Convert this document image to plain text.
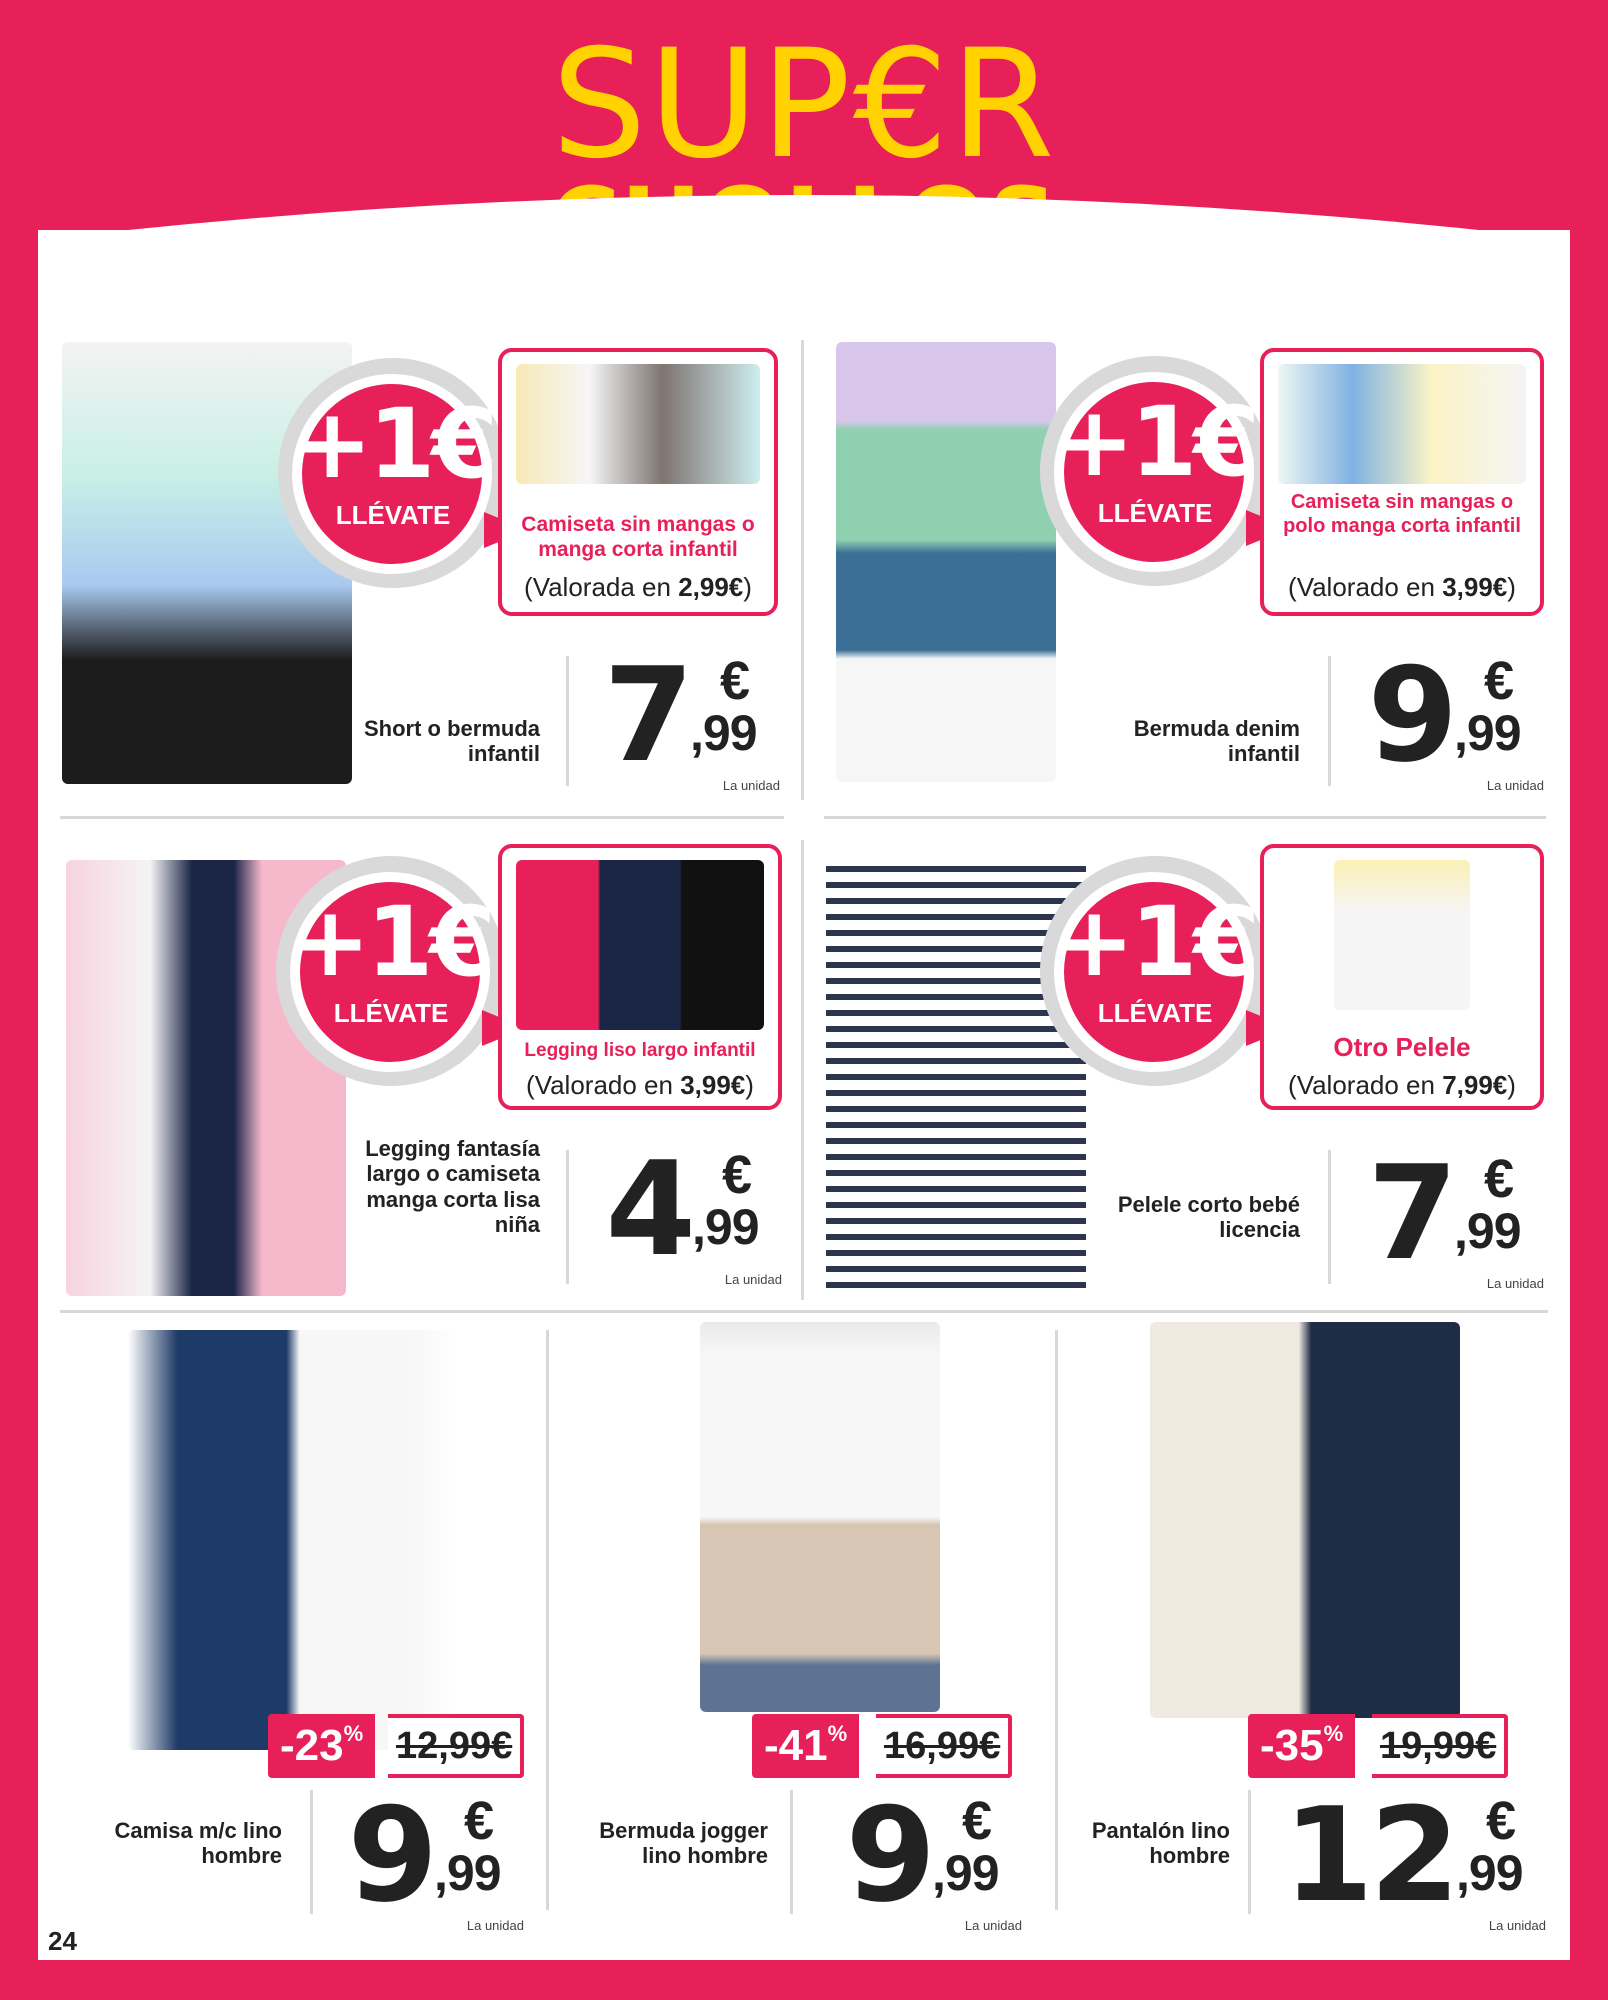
SUP€R
+1€
LLÉVATE	Camiseta sin mangas o manga corta infantil
(Valorada en 2,99€)
Short o bermuda infantil 7 €
,99
La unidad
+1€
LLÉVATE	Camiseta sin mangas o polo manga corta infantil
(Valorado en 3,99€)
Bermuda denim infantil 9 €
,99
La unidad
+1€
LLÉVATE
Legging liso largo infantil
(Valorado en 3,99€)
Legging fantasía largo o camiseta manga corta lisa niña 4 €
,99
La unidad
+1€
LLÉVATE
Otro Pelele
(Valorado en 7,99€)
Pelele corto bebé licencia 7 €
,99
La unidad
-23% 12,99€
Camisa m/c lino hombre 9 €
,99
La unidad
-41% 16,99€
Bermuda jogger lino hombre 9 €
,99
La unidad
-35% 19,99€
Pantalón lino hombre 12 €
,99
La unidad
24
